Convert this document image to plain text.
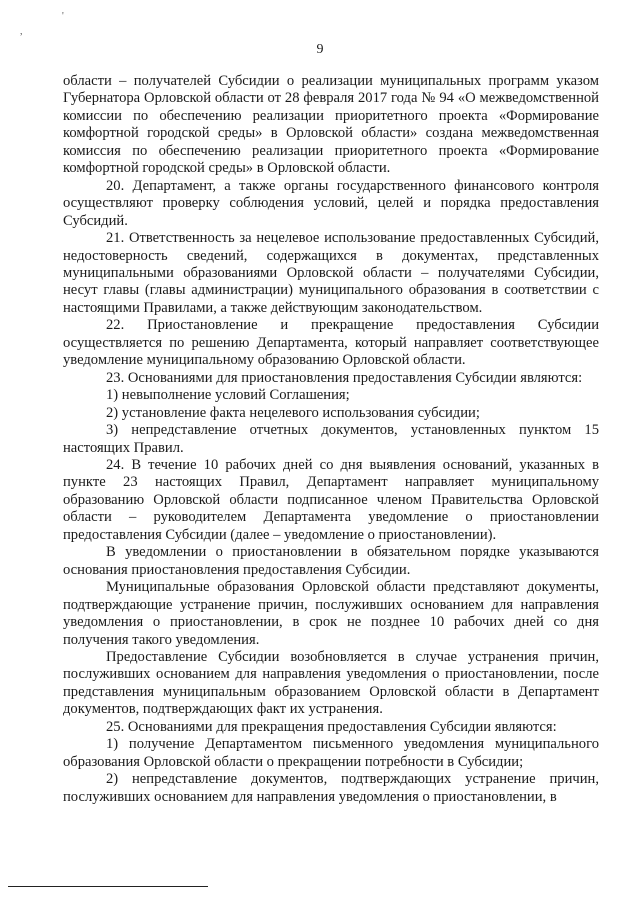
,
'
9

области – получателей Субсидии о реализации муниципальных программ указом Губернатора Орловской области от 28 февраля 2017 года № 94 «О межведомственной комиссии по обеспечению реализации приоритетного проекта «Формирование комфортной городской среды» в Орловской области» создана межведомственная комиссия по обеспечению реализации приоритетного проекта «Формирование комфортной городской среды» в Орловской области.

20. Департамент, а также органы государственного финансового контроля осуществляют проверку соблюдения условий, целей и порядка предоставления Субсидий.

21. Ответственность за нецелевое использование предоставленных Субсидий, недостоверность сведений, содержащихся в документах, представленных муниципальными образованиями Орловской области – получателями Субсидии, несут главы (главы администрации) муниципального образования в соответствии с настоящими Правилами, а также действующим законодательством.

22. Приостановление и прекращение предоставления Субсидии осуществляется по решению Департамента, который направляет соответствующее уведомление муниципальному образованию Орловской области.

23. Основаниями для приостановления предоставления Субсидии являются:

1) невыполнение условий Соглашения;

2) установление факта нецелевого использования субсидии;

3) непредставление отчетных документов, установленных пунктом 15 настоящих Правил.

24. В течение 10 рабочих дней со дня выявления оснований, указанных в пункте 23 настоящих Правил, Департамент направляет муниципальному образованию Орловской области подписанное членом Правительства Орловской области – руководителем Департамента уведомление о приостановлении предоставления Субсидии (далее – уведомление о приостановлении).

В уведомлении о приостановлении в обязательном порядке указываются основания приостановления предоставления Субсидии.

Муниципальные образования Орловской области представляют документы, подтверждающие устранение причин, послуживших основанием для направления уведомления о приостановлении, в срок не позднее 10 рабочих дней со дня получения такого уведомления.

Предоставление Субсидии возобновляется в случае устранения причин, послуживших основанием для направления уведомления о приостановлении, после представления муниципальным образованием Орловской области в Департамент документов, подтверждающих факт их устранения.

25. Основаниями для прекращения предоставления Субсидии являются:

1) получение Департаментом письменного уведомления муниципального образования Орловской области о прекращении потребности в Субсидии;

2) непредставление документов, подтверждающих устранение причин, послуживших основанием для направления уведомления о приостановлении, в
